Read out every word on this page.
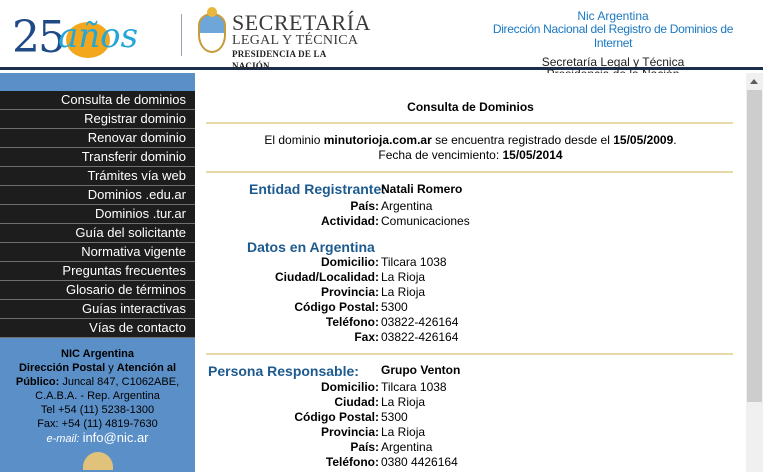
25
años	SECRETARÍA
LEGAL Y TÉCNICA
PRESIDENCIA DE LA NACIÓN
Nic Argentina
Dirección Nacional del Registro de Dominios de Internet
Secretaría Legal y Técnica
Consulta de dominios
Registrar dominio
Renovar dominio
Transferir dominio
Trámites vía web
Dominios .edu.ar
Dominios .tur.ar
Guía del solicitante
Normativa vigente
Preguntas frecuentes
Glosario de términos
Guías interactivas
Vías de contacto
NIC Argentina
Dirección Postal y Atención al Público: Juncal 847, C1062ABE,
C.A.B.A. - Rep. Argentina
Tel +54 (11) 5238-1300
Fax: +54 (11) 4819-7630
e-mail: info@nic.ar
Consulta de Dominios
El dominio minutorioja.com.ar se encuentra registrado desde el 15/05/2009.
Fecha de vencimiento: 15/05/2014
Entidad Registrante:
Natali Romero
País: Argentina
Actividad: Comunicaciones
Datos en Argentina
Domicilio: Tilcara 1038
Ciudad/Localidad: La Rioja
Provincia: La Rioja
Código Postal: 5300
Teléfono: 03822-426164
Fax: 03822-426164
Persona Responsable: Grupo Venton
Domicilio: Tilcara 1038
Ciudad: La Rioja
Código Postal: 5300
Provincia: La Rioja
País: Argentina
Teléfono: 0380 4426164
